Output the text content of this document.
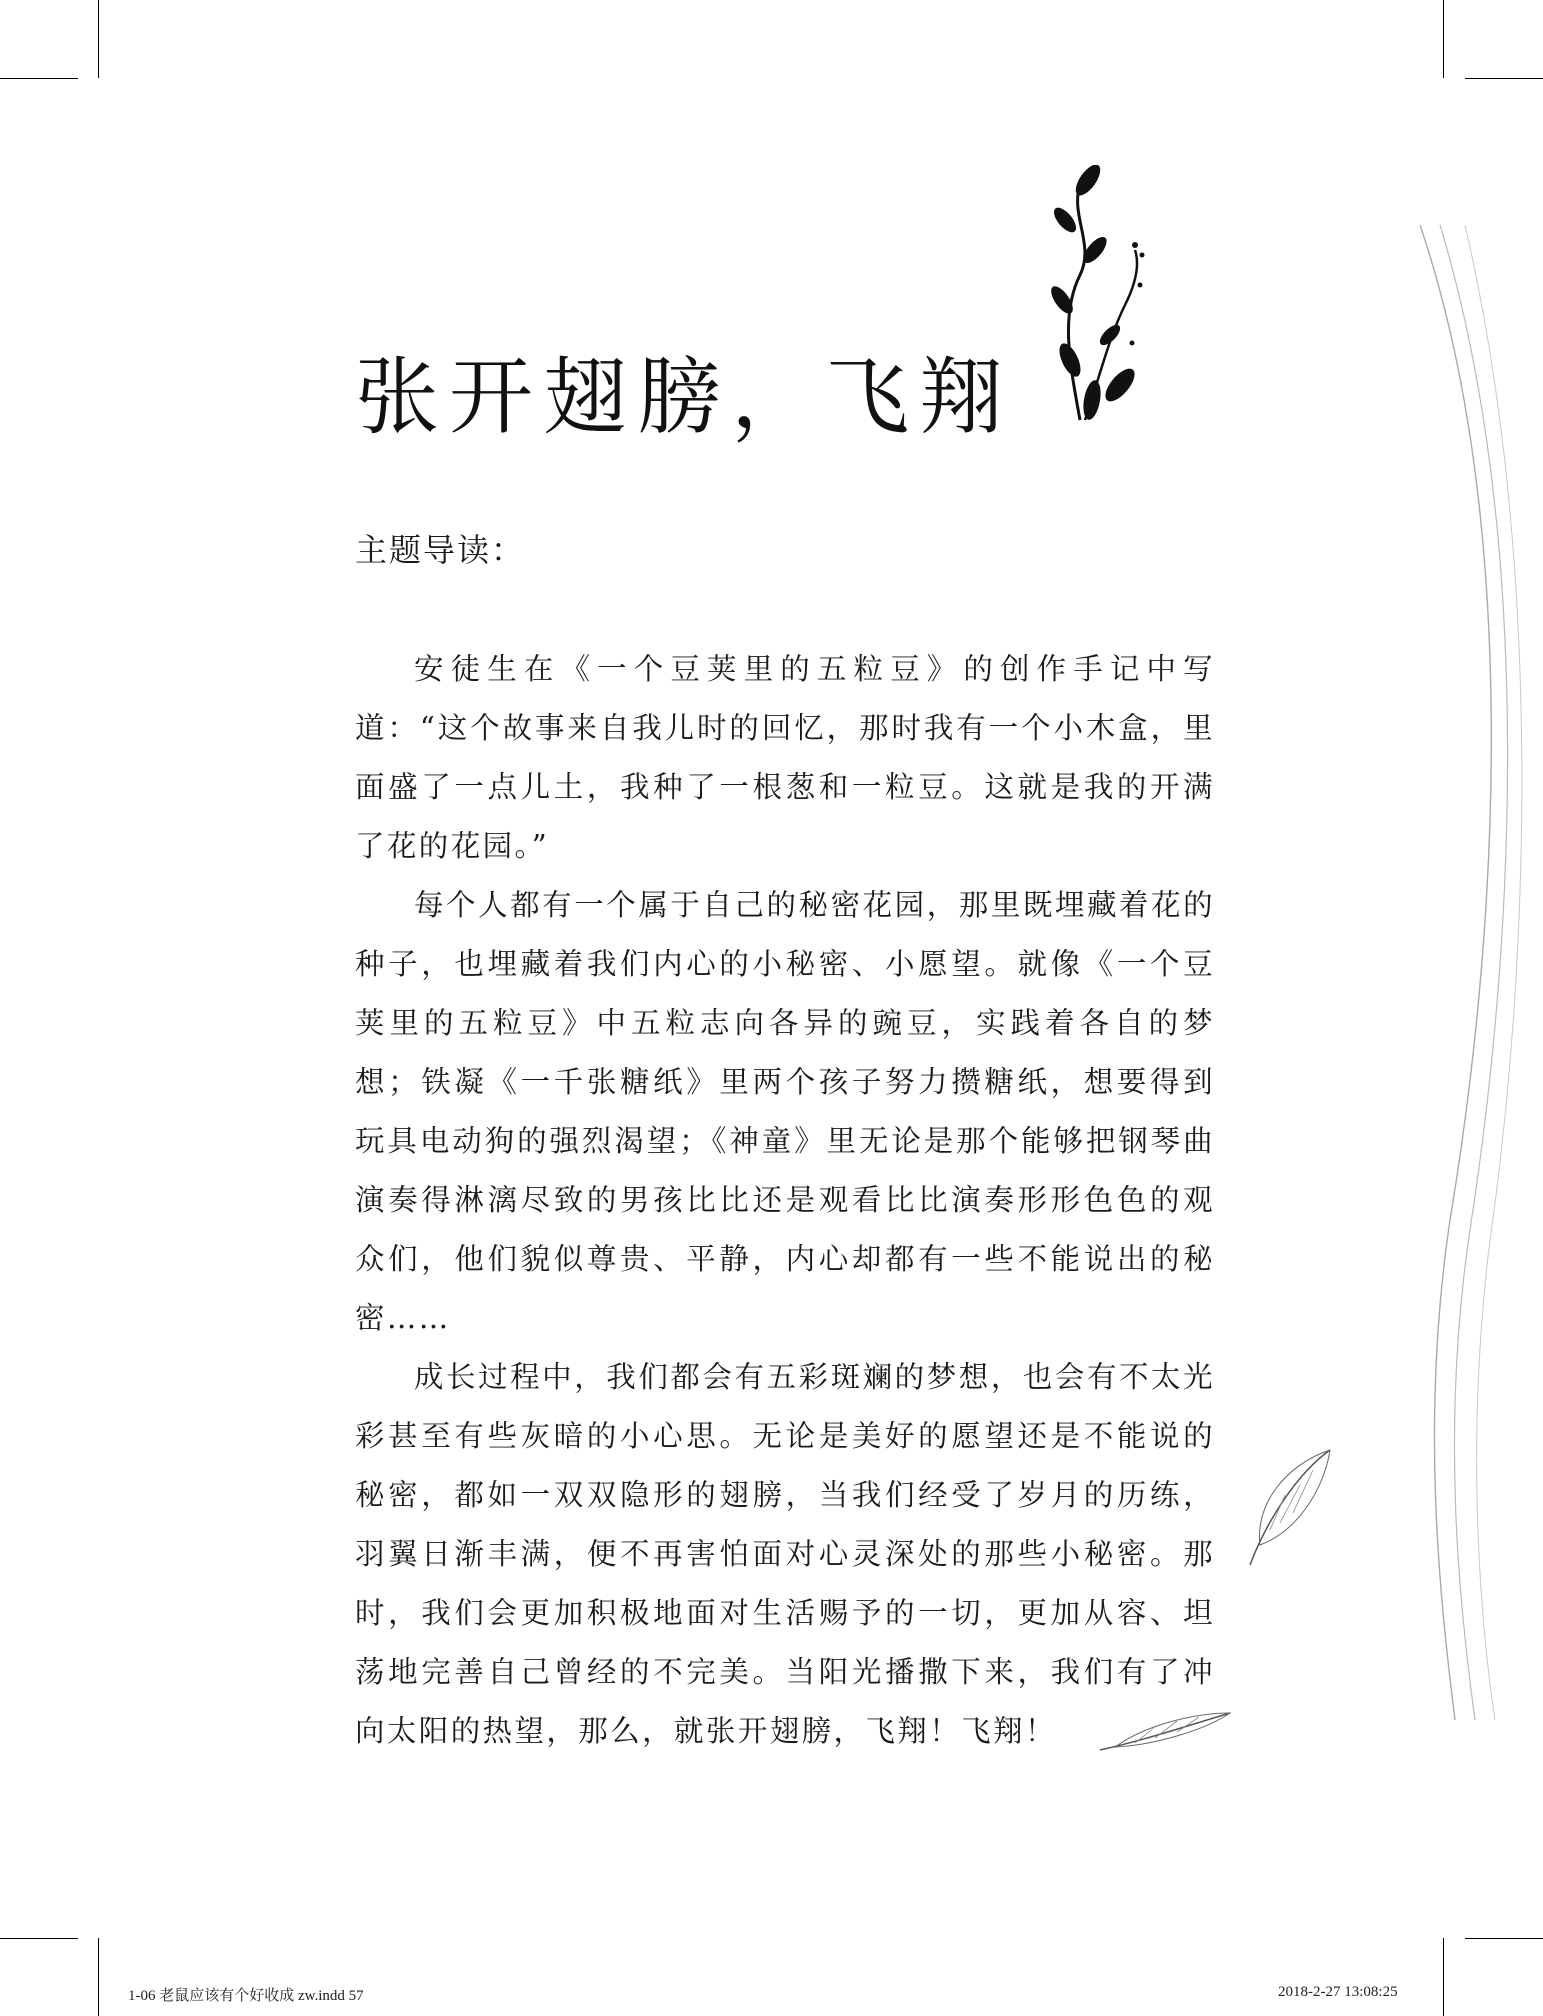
张开翅膀，飞翔
主题导读：

安徒生在《一个豆荚里的五粒豆》的创作手记中写道：“这个故事来自我儿时的回忆，那时我有一个小木盒，里面盛了一点儿土，我种了一根葱和一粒豆。这就是我的开满了花的花园。”

每个人都有一个属于自己的秘密花园，那里既埋藏着花的种子，也埋藏着我们内心的小秘密、小愿望。就像《一个豆荚里的五粒豆》中五粒志向各异的豌豆，实践着各自的梦想；铁凝《一千张糖纸》里两个孩子努力攒糖纸，想要得到玩具电动狗的强烈渴望；《神童》里无论是那个能够把钢琴曲演奏得淋漓尽致的男孩比比还是观看比比演奏形形色色的观众们，他们貌似尊贵、平静，内心却都有一些不能说出的秘密……

成长过程中，我们都会有五彩斑斓的梦想，也会有不太光彩甚至有些灰暗的小心思。无论是美好的愿望还是不能说的秘密，都如一双双隐形的翅膀，当我们经受了岁月的历练，羽翼日渐丰满，便不再害怕面对心灵深处的那些小秘密。那时，我们会更加积极地面对生活赐予的一切，更加从容、坦荡地完善自己曾经的不完美。当阳光播撒下来，我们有了冲向太阳的热望，那么，就张开翅膀，飞翔！飞翔！

1-06 老鼠应该有个好收成 zw.indd 57	2018-2-27 13:08:25
